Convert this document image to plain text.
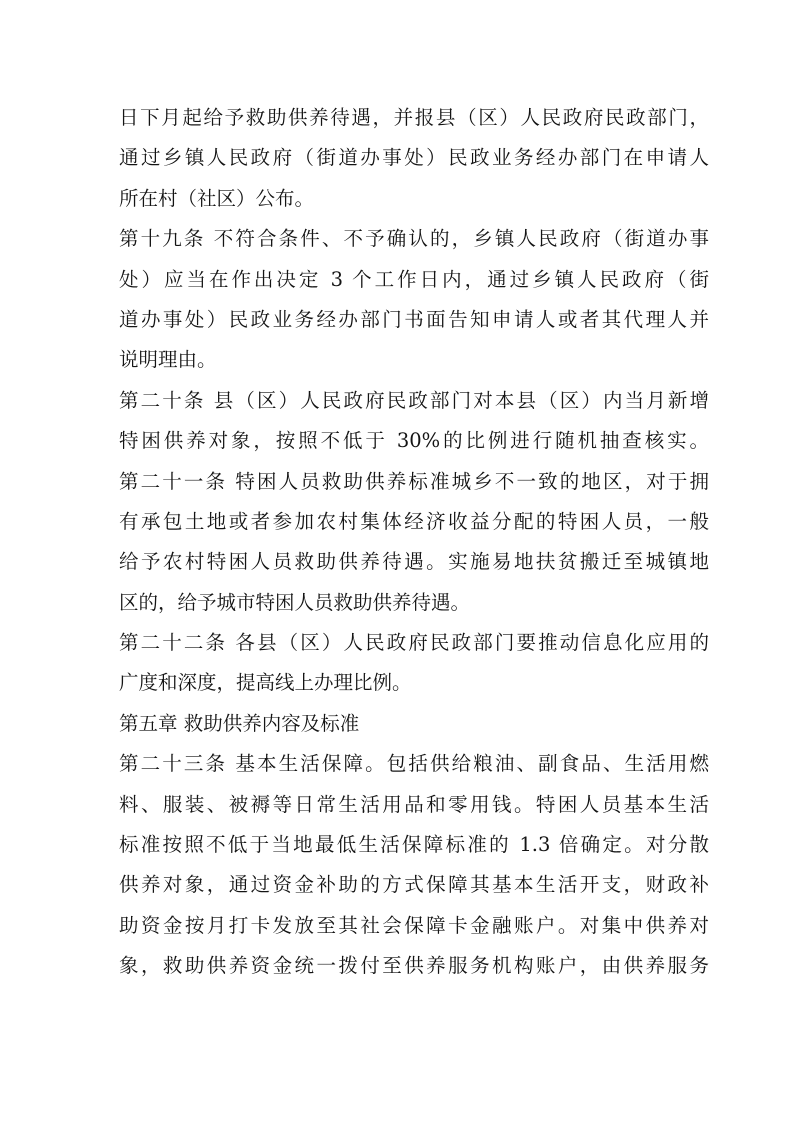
日下月起给予救助供养待遇，并报县（区）人民政府民政部门，
通过乡镇人民政府（街道办事处）民政业务经办部门在申请人
所在村（社区）公布。
第十九条 不符合条件、不予确认的，乡镇人民政府（街道办事
处）应当在作出决定 3 个工作日内，通过乡镇人民政府（街
道办事处）民政业务经办部门书面告知申请人或者其代理人并
说明理由。
第二十条 县（区）人民政府民政部门对本县（区）内当月新增
特困供养对象，按照不低于 30%的比例进行随机抽查核实。
第二十一条 特困人员救助供养标准城乡不一致的地区，对于拥
有承包土地或者参加农村集体经济收益分配的特困人员，一般
给予农村特困人员救助供养待遇。实施易地扶贫搬迁至城镇地
区的，给予城市特困人员救助供养待遇。
第二十二条 各县（区）人民政府民政部门要推动信息化应用的
广度和深度，提高线上办理比例。
第五章 救助供养内容及标准
第二十三条 基本生活保障。包括供给粮油、副食品、生活用燃
料、服装、被褥等日常生活用品和零用钱。特困人员基本生活
标准按照不低于当地最低生活保障标准的 1.3 倍确定。对分散
供养对象，通过资金补助的方式保障其基本生活开支，财政补
助资金按月打卡发放至其社会保障卡金融账户。对集中供养对
象，救助供养资金统一拨付至供养服务机构账户，由供养服务
